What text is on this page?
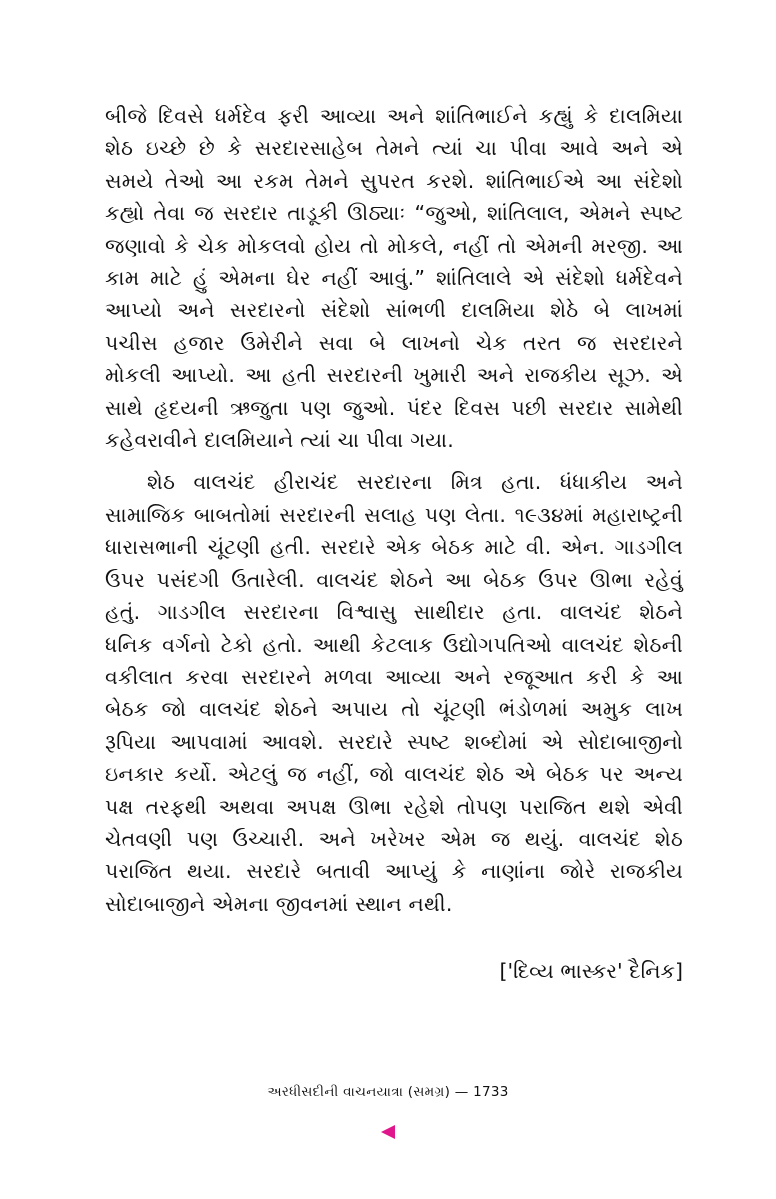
બીજે દિવસે ધર્મદેવ ફરી આવ્યા અને શાંતિભાઈને કહ્યું કે દાલમિયા
શેઠ ઇચ્છે છે કે સરદારસાહેબ તેમને ત્યાં ચા પીવા આવે અને એ
સમયે તેઓ આ રકમ તેમને સુપરત કરશે. શાંતિભાઈએ આ સંદેશો
કહ્યો તેવા જ સરદાર તાડૂકી ઊઠ્યાઃ “જુઓ, શાંતિલાલ, એમને સ્પષ્ટ
જણાવો કે ચેક મોકલવો હોય તો મોકલે, નહીં તો એમની મરજી. આ
કામ માટે હું એમના ઘેર નહીં આવું.” શાંતિલાલે એ સંદેશો ધર્મદેવને
આપ્યો અને સરદારનો સંદેશો સાંભળી દાલમિયા શેઠે બે લાખમાં
પચીસ હજાર ઉમેરીને સવા બે લાખનો ચેક તરત જ સરદારને
મોકલી આપ્યો. આ હતી સરદારની ખુમારી અને રાજકીય સૂઝ. એ
સાથે હૃદયની ઋજુતા પણ જુઓ. પંદર દિવસ પછી સરદાર સામેથી
કહેવરાવીને દાલમિયાને ત્યાં ચા પીવા ગયા.
શેઠ વાલચંદ હીરાચંદ સરદારના મિત્ર હતા. ધંધાકીય અને
સામાજિક બાબતોમાં સરદારની સલાહ પણ લેતા. ૧૯૩૪માં મહારાષ્ટ્રની
ધારાસભાની ચૂંટણી હતી. સરદારે એક બેઠક માટે વી. એન. ગાડગીલ
ઉપર પસંદગી ઉતારેલી. વાલચંદ શેઠને આ બેઠક ઉપર ઊભા રહેવું
હતું. ગાડગીલ સરદારના વિશ્વાસુ સાથીદાર હતા. વાલચંદ શેઠને
ધનિક વર્ગનો ટેકો હતો. આથી કેટલાક ઉદ્યોગપતિઓ વાલચંદ શેઠની
વકીલાત કરવા સરદારને મળવા આવ્યા અને રજૂઆત કરી કે આ
બેઠક જો વાલચંદ શેઠને અપાય તો ચૂંટણી ભંડોળમાં અમુક લાખ
રૂપિયા આપવામાં આવશે. સરદારે સ્પષ્ટ શબ્દોમાં એ સોદાબાજીનો
ઇનકાર કર્યો. એટલું જ નહીં, જો વાલચંદ શેઠ એ બેઠક પર અન્ય
પક્ષ તરફથી અથવા અપક્ષ ઊભા રહેશે તોપણ પરાજિત થશે એવી
ચેતવણી પણ ઉચ્ચારી. અને ખરેખર એમ જ થયું. વાલચંદ શેઠ
પરાજિત થયા. સરદારે બતાવી આપ્યું કે નાણાંના જોરે રાજકીય
સોદાબાજીને એમના જીવનમાં સ્થાન નથી.
['દિવ્ય ભાસ્કર' દૈનિક]
અરધીસદીની વાચનયાત્રા (સમગ્ર) — 1733
